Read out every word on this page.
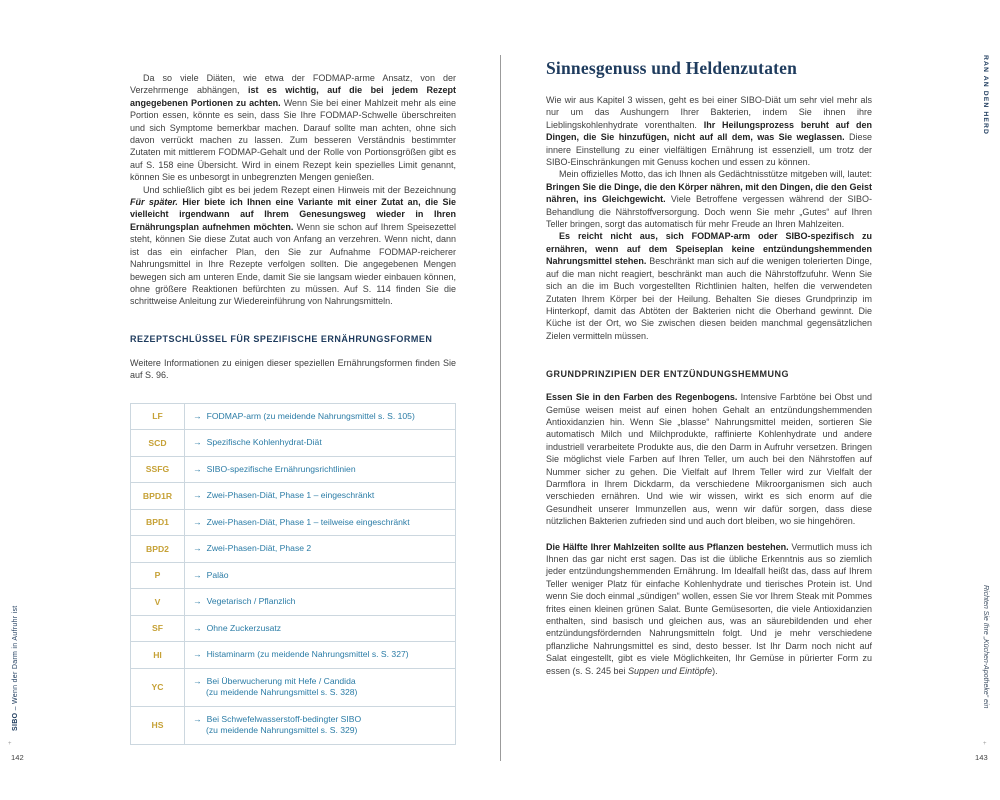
Da so viele Diäten, wie etwa der FODMAP-arme Ansatz, von der Verzehrmenge abhängen, ist es wichtig, auf die bei jedem Rezept angegebenen Portionen zu achten. Wenn Sie bei einer Mahlzeit mehr als eine Portion essen, könnte es sein, dass Sie Ihre FODMAP-Schwelle überschreiten und sich Symptome bemerkbar machen. Darauf sollte man achten, ohne sich davon verrückt machen zu lassen. Zum besseren Verständnis bestimmter Zutaten mit mittlerem FODMAP-Gehalt und der Rolle von Portionsgrößen gibt es auf S. 158 eine Übersicht. Wird in einem Rezept kein spezielles Limit genannt, können Sie es unbesorgt in unbegrenzten Mengen genießen.

Und schließlich gibt es bei jedem Rezept einen Hinweis mit der Bezeichnung Für später. Hier biete ich Ihnen eine Variante mit einer Zutat an, die Sie vielleicht irgendwann auf Ihrem Genesungsweg wieder in Ihren Ernährungsplan aufnehmen möchten. Wenn sie schon auf Ihrem Speisezettel steht, können Sie diese Zutat auch von Anfang an verzehren. Wenn nicht, dann ist das ein einfacher Plan, den Sie zur Aufnahme FODMAP-reicherer Nahrungsmittel in Ihre Rezepte verfolgen sollten. Die angegebenen Mengen bewegen sich am unteren Ende, damit Sie sie langsam wieder einbauen können, ohne größere Reaktionen befürchten zu müssen. Auf S. 114 finden Sie die schrittweise Anleitung zur Wiedereinführung von Nahrungsmitteln.

REZEPTSCHLÜSSEL FÜR SPEZIFISCHE ERNÄHRUNGSFORMEN

Weitere Informationen zu einigen dieser speziellen Ernährungsformen finden Sie auf S. 96.

LF	→ FODMAP-arm (zu meidende Nahrungsmittel s. S. 105)
SCD	→ Spezifische Kohlenhydrat-Diät
SSFG	→ SIBO-spezifische Ernährungsrichtlinien
BPD1R	→ Zwei-Phasen-Diät, Phase 1 – eingeschränkt
BPD1	→ Zwei-Phasen-Diät, Phase 1 – teilweise eingeschränkt
BPD2	→ Zwei-Phasen-Diät, Phase 2
P	→ Paläo
V	→ Vegetarisch / Pflanzlich
SF	→ Ohne Zuckerzusatz
HI	→ Histaminarm (zu meidende Nahrungsmittel s. S. 327)
YC	→ Bei Überwucherung mit Hefe / Candida
(zu meidende Nahrungsmittel s. S. 328)

HS	→ Bei Schwefelwasserstoff-bedingter SIBO
(zu meidende Nahrungsmittel s. S. 329)
Sinnesgenuss und Heldenzutaten

Wie wir aus Kapitel 3 wissen, geht es bei einer SIBO-Diät um sehr viel mehr als nur um das Aushungern Ihrer Bakterien, indem Sie ihnen ihre Lieblingskohlenhydrate vorenthalten. Ihr Heilungsprozess beruht auf den Dingen, die Sie hinzufügen, nicht auf all dem, was Sie weglassen. Diese innere Einstellung zu einer vielfältigen Ernährung ist essenziell, um trotz der SIBO-Einschränkungen mit Genuss kochen und essen zu können.

Mein offizielles Motto, das ich Ihnen als Gedächtnisstütze mitgeben will, lautet: Bringen Sie die Dinge, die den Körper nähren, mit den Dingen, die den Geist nähren, ins Gleichgewicht. Viele Betroffene vergessen während der SIBO-Behandlung die Nährstoffversorgung. Doch wenn Sie mehr „Gutes“ auf Ihren Teller bringen, sorgt das automatisch für mehr Freude an Ihren Mahlzeiten.

Es reicht nicht aus, sich FODMAP-arm oder SIBO-spezifisch zu ernähren, wenn auf dem Speiseplan keine entzündungshemmenden Nahrungsmittel stehen. Beschränkt man sich auf die wenigen tolerierten Dinge, auf die man nicht reagiert, beschränkt man auch die Nährstoffzufuhr. Wenn Sie sich an die im Buch vorgestellten Richtlinien halten, helfen die verwendeten Zutaten Ihrem Körper bei der Heilung. Behalten Sie dieses Grundprinzip im Hinterkopf, damit das Abtöten der Bakterien nicht die Oberhand gewinnt. Die Küche ist der Ort, wo Sie zwischen diesen beiden manchmal gegensätzlichen Zielen vermitteln müssen.

GRUNDPRINZIPIEN DER ENTZÜNDUNGSHEMMUNG

Essen Sie in den Farben des Regenbogens. Intensive Farbtöne bei Obst und Gemüse weisen meist auf einen hohen Gehalt an entzündungshemmenden Antioxidanzien hin. Wenn Sie „blasse“ Nahrungsmittel meiden, sortieren Sie automatisch Milch und Milchprodukte, raffinierte Kohlenhydrate und andere industriell verarbeitete Produkte aus, die den Darm in Aufruhr versetzen. Bringen Sie möglichst viele Farben auf Ihren Teller, um auch bei den Nährstoffen auf Nummer sicher zu gehen. Die Vielfalt auf Ihrem Teller wird zur Vielfalt der Darmflora in Ihrem Dickdarm, da verschiedene Mikroorganismen sich auch verschieden ernähren. Und wie wir wissen, wirkt es sich enorm auf die Gesundheit unserer Immunzellen aus, wenn wir dafür sorgen, dass diese nützlichen Bakterien zufrieden sind und auch dort bleiben, wo sie hingehören.

Die Hälfte Ihrer Mahlzeiten sollte aus Pflanzen bestehen. Vermutlich muss ich Ihnen das gar nicht erst sagen. Das ist die übliche Erkenntnis aus so ziemlich jeder entzündungshemmenden Ernährung. Im Idealfall heißt das, dass auf Ihrem Teller weniger Platz für einfache Kohlenhydrate und tierisches Protein ist. Und wenn Sie doch einmal „sündigen“ wollen, essen Sie vor Ihrem Steak mit Pommes frites einen kleinen grünen Salat. Bunte Gemüsesorten, die viele Antioxidanzien enthalten, sind basisch und gleichen aus, was an säurebildenden und eher entzündungsfördernden Nahrungsmitteln folgt. Und je mehr verschiedene pflanzliche Nahrungsmittel es sind, desto besser. Ist Ihr Darm noch nicht auf Salat eingestellt, gibt es viele Möglichkeiten, Ihr Gemüse in pürierter Form zu essen (s. S. 245 bei Suppen und Eintöpfe).

SIBO – Wenn der Darm in Aufruhr ist
RAN AN DEN HERD
Richten Sie Ihre „Küchen-Apotheke“ ein
+
142
+
143
